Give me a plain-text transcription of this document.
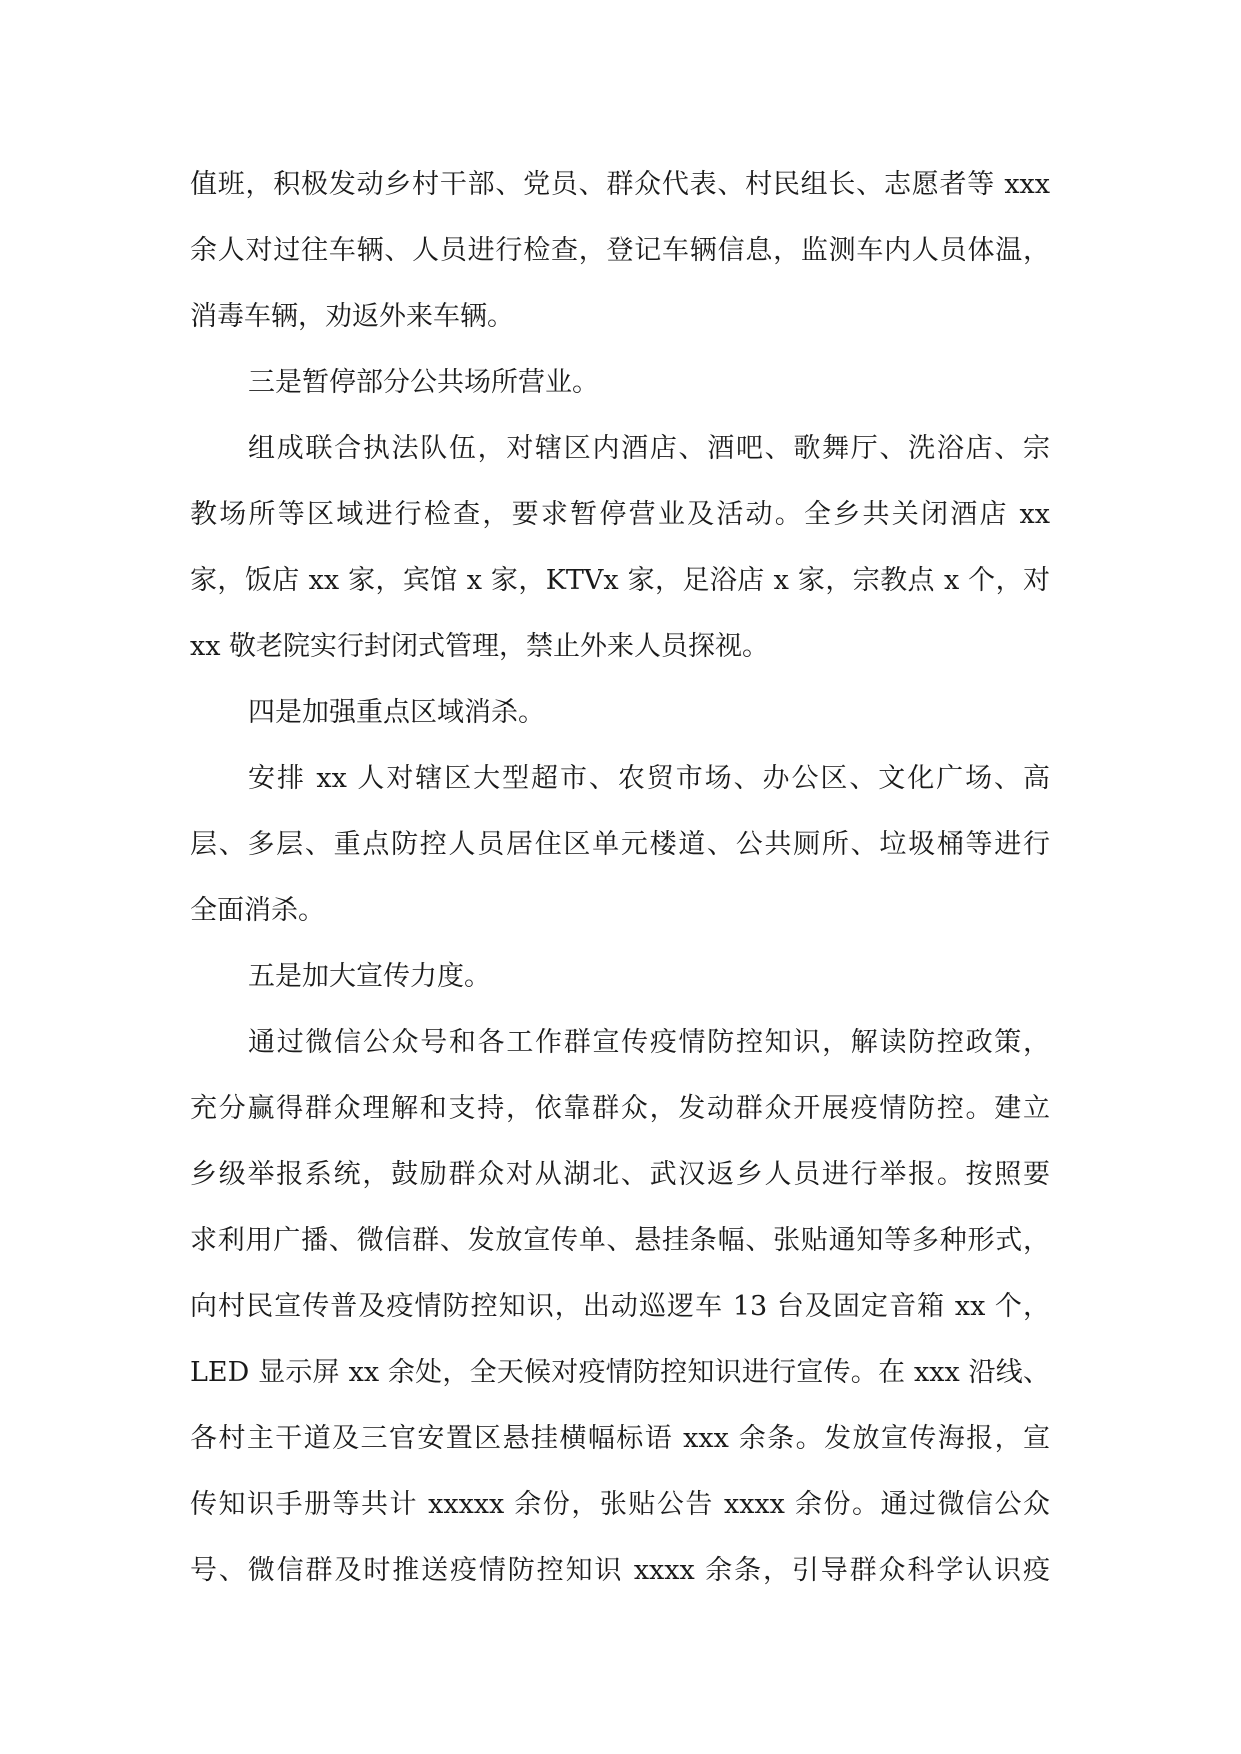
值班，积极发动乡村干部、党员、群众代表、村民组长、志愿者等 xxx
余人对过往车辆、人员进行检查，登记车辆信息，监测车内人员体温，
消毒车辆，劝返外来车辆。
三是暂停部分公共场所营业。
组成联合执法队伍，对辖区内酒店、酒吧、歌舞厅、洗浴店、宗
教场所等区域进行检查，要求暂停营业及活动。全乡共关闭酒店 xx
家，饭店 xx 家，宾馆 x 家，KTVx 家，足浴店 x 家，宗教点 x 个，对
xx 敬老院实行封闭式管理，禁止外来人员探视。
四是加强重点区域消杀。
安排 xx 人对辖区大型超市、农贸市场、办公区、文化广场、高
层、多层、重点防控人员居住区单元楼道、公共厕所、垃圾桶等进行
全面消杀。
五是加大宣传力度。
通过微信公众号和各工作群宣传疫情防控知识，解读防控政策，
充分赢得群众理解和支持，依靠群众，发动群众开展疫情防控。建立
乡级举报系统，鼓励群众对从湖北、武汉返乡人员进行举报。按照要
求利用广播、微信群、发放宣传单、悬挂条幅、张贴通知等多种形式，
向村民宣传普及疫情防控知识，出动巡逻车 13 台及固定音箱 xx 个，
LED 显示屏 xx 余处，全天候对疫情防控知识进行宣传。在 xxx 沿线、
各村主干道及三官安置区悬挂横幅标语 xxx 余条。发放宣传海报，宣
传知识手册等共计 xxxxx 余份，张贴公告 xxxx 余份。通过微信公众
号、微信群及时推送疫情防控知识 xxxx 余条，引导群众科学认识疫
